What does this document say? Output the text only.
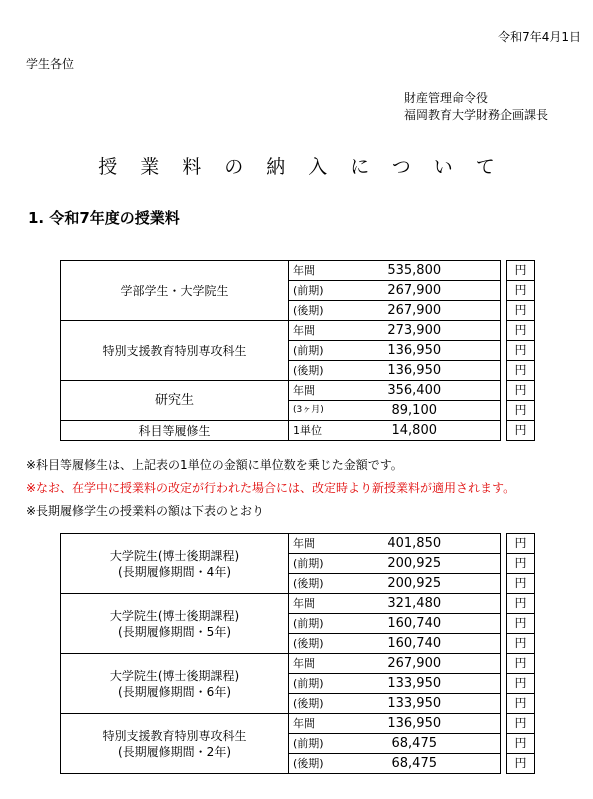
令和7年4月1日
学生各位
財産管理命令役
福岡教育大学財務企画課長
授業料の納入について
1. 令和7年度の授業料
学部学生・大学院生	年間	535,800		円
	(前期)	267,900		円
	(後期)	267,900		円
特別支援教育特別専攻科生	年間	273,900		円
	(前期)	136,950		円
	(後期)	136,950		円
研究生	年間	356,400		円
	(3ヶ月)	89,100		円
科目等履修生	1単位	14,800		円
※科目等履修生は、上記表の1単位の金額に単位数を乗じた金額です。
※なお、在学中に授業料の改定が行われた場合には、改定時より新授業料が適用されます。
※長期履修学生の授業料の額は下表のとおり
大学院生(博士後期課程)
(長期履修期間・4年)	年間	401,850		円
	(前期)	200,925		円
	(後期)	200,925		円

大学院生(博士後期課程)
(長期履修期間・5年)	年間	321,480		円
	(前期)	160,740		円
	(後期)	160,740		円

大学院生(博士後期課程)
(長期履修期間・6年)	年間	267,900		円
	(前期)	133,950		円
	(後期)	133,950		円

特別支援教育特別専攻科生
(長期履修期間・2年)	年間	136,950		円
	(前期)	68,475		円
	(後期)	68,475		円
